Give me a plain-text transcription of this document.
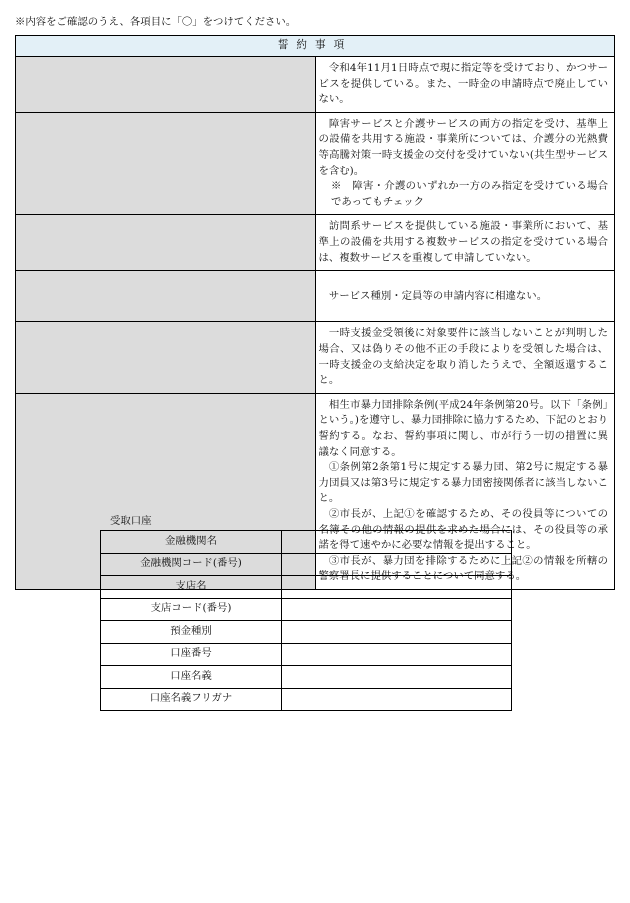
※内容をご確認のうえ、各項目に「〇」をつけてください。
誓約事項	

	令和4年11月1日時点で現に指定等を受けており、かつサービスを提供している。また、一時金の申請時点で廃止していない。

	障害サービスと介護サービスの両方の指定を受け、基準上の設備を共用する施設・事業所については、介護分の光熱費等高騰対策一時支援金の交付を受けていない(共生型サービスを含む)。

※　障害・介護のいずれか一方のみ指定を受けている場合であってもチェック

	訪問系サービスを提供している施設・事業所において、基準上の設備を共用する複数サービスの指定を受けている場合は、複数サービスを重複して申請していない。

	サービス種別・定員等の申請内容に相違ない。

	一時支援金受領後に対象要件に該当しないことが判明した場合、又は偽りその他不正の手段によりを受領した場合は、一時支援金の支給決定を取り消したうえで、全額返還すること。

	相生市暴力団排除条例(平成24年条例第20号。以下「条例」という。)を遵守し、暴力団排除に協力するため、下記のとおり誓約する。なお、誓約事項に関し、市が行う一切の措置に異議なく同意する。

①条例第2条第1号に規定する暴力団、第2号に規定する暴力団員又は第3号に規定する暴力団密接関係者に該当しないこと。

②市長が、上記①を確認するため、その役員等についての名簿その他の情報の提供を求めた場合には、その役員等の承諾を得て速やかに必要な情報を提出すること。

③市長が、暴力団を排除するために上記②の情報を所轄の警察署長に提供することについて同意する。

受取口座
金融機関名	
金融機関コード(番号)	
支店名	
支店コード(番号)	
預金種別	
口座番号	
口座名義	
口座名義フリガナ	
